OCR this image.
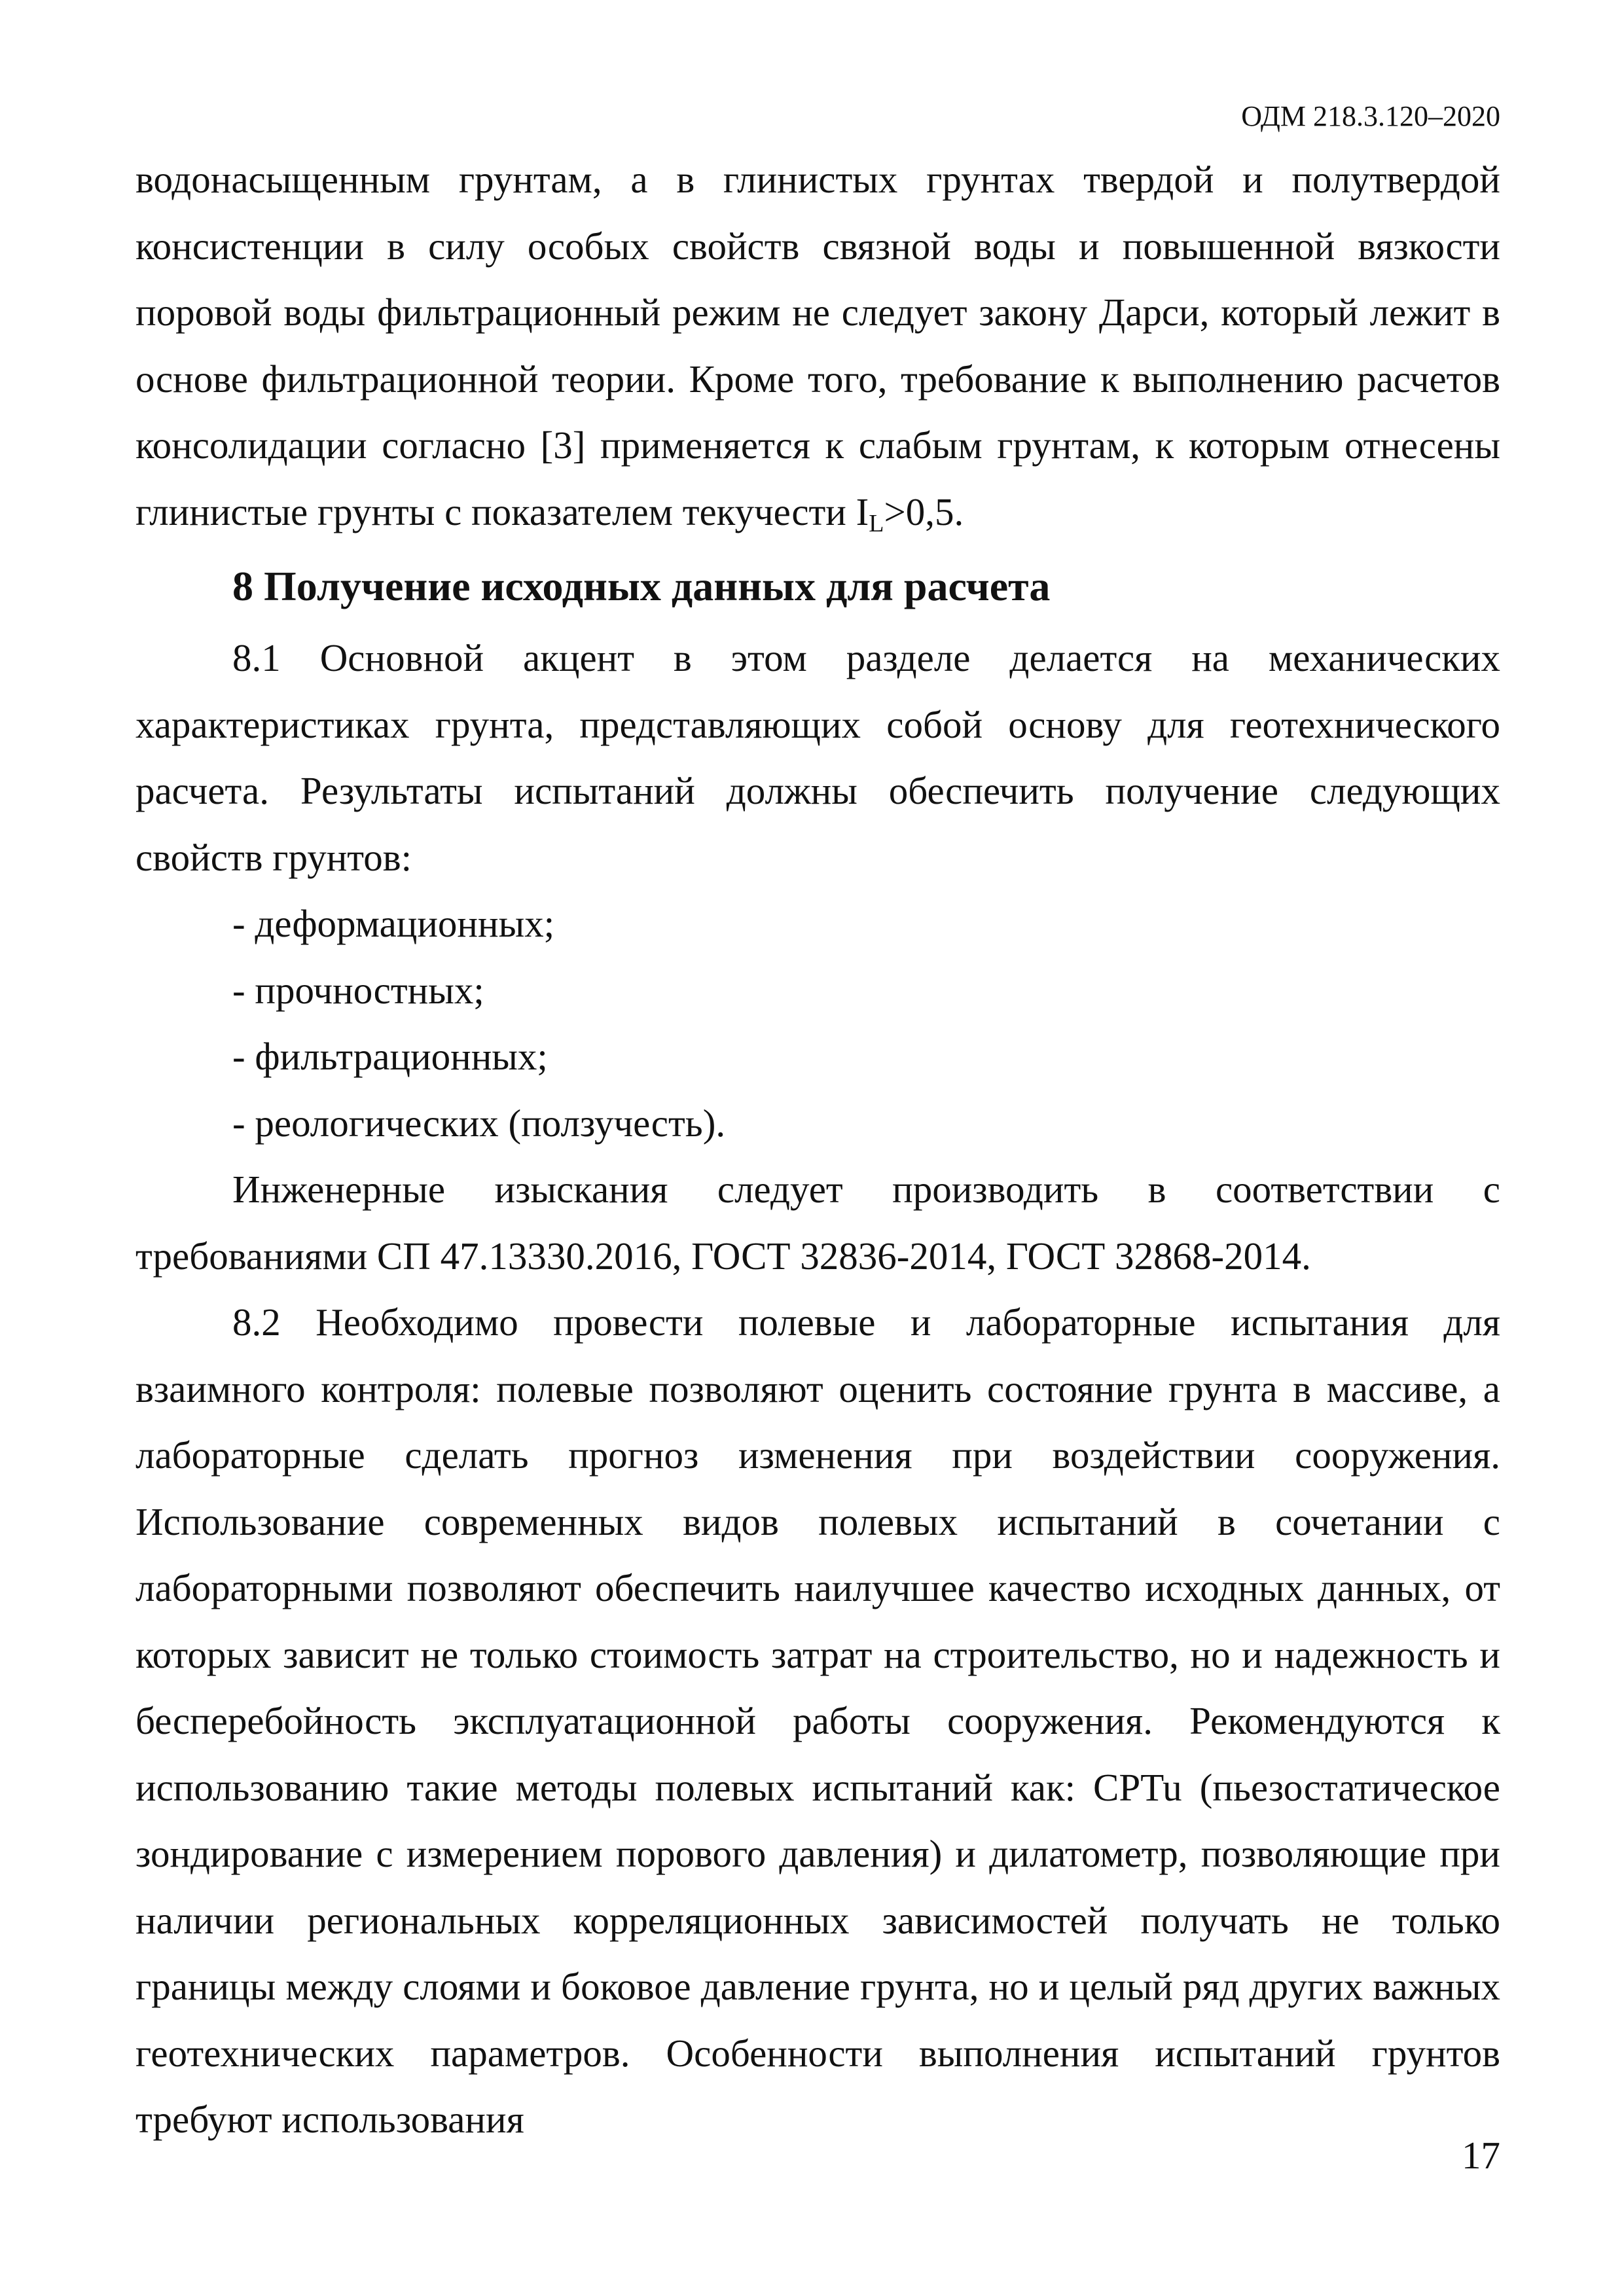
ОДМ 218.3.120–2020

водонасыщенным грунтам, а в глинистых грунтах твердой и полутвердой консистенции в силу особых свойств связной воды и повышенной вязкости поровой воды фильтрационный режим не следует закону Дарси, который лежит в основе фильтрационной теории. Кроме того, требование к выполнению расчетов консолидации согласно [3] применяется к слабым грунтам, к которым отнесены глинистые грунты с показателем текучести IL>0,5.

8 Получение исходных данных для расчета

8.1 Основной акцент в этом разделе делается на механических характеристиках грунта, представляющих собой основу для геотехнического расчета. Результаты испытаний должны обеспечить получение следующих свойств грунтов:

- деформационных;

- прочностных;

- фильтрационных;

- реологических (ползучесть).

Инженерные изыскания следует производить в соответствии с требованиями СП 47.13330.2016, ГОСТ 32836-2014, ГОСТ 32868-2014.

8.2 Необходимо провести полевые и лабораторные испытания для взаимного контроля: полевые позволяют оценить состояние грунта в массиве, а лабораторные сделать прогноз изменения при воздействии сооружения. Использование современных видов полевых испытаний в сочетании с лабораторными позволяют обеспечить наилучшее качество исходных данных, от которых зависит не только стоимость затрат на строительство, но и надежность и бесперебойность эксплуатационной работы сооружения. Рекомендуются к использованию такие методы полевых испытаний как: CPTu (пьезостатическое зондирование с измерением порового давления) и дилатометр, позволяющие при наличии региональных корреляционных зависимостей получать не только границы между слоями и боковое давление грунта, но и целый ряд других важных геотехнических параметров. Особенности выполнения испытаний грунтов требуют использования

17
